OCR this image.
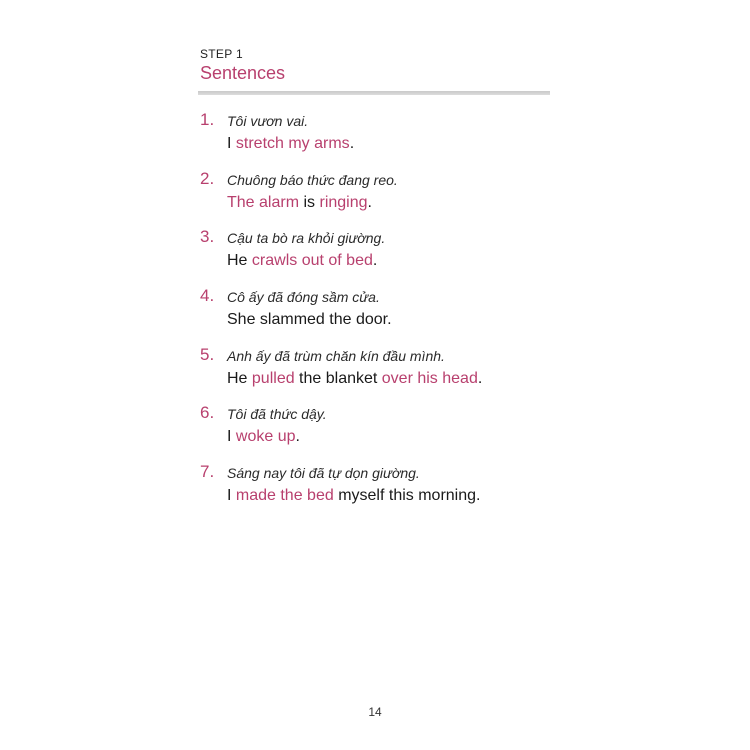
STEP 1
Sentences
1. Tôi vươn vai.
I stretch my arms.
2. Chuông báo thức đang reo.
The alarm is ringing.
3. Cậu ta bò ra khỏi giường.
He crawls out of bed.
4. Cô ấy đã đóng sầm cửa.
She slammed the door.
5. Anh ấy đã trùm chăn kín đầu mình.
He pulled the blanket over his head.
6. Tôi đã thức dậy.
I woke up.
7. Sáng nay tôi đã tự dọn giường.
I made the bed myself this morning.
14
